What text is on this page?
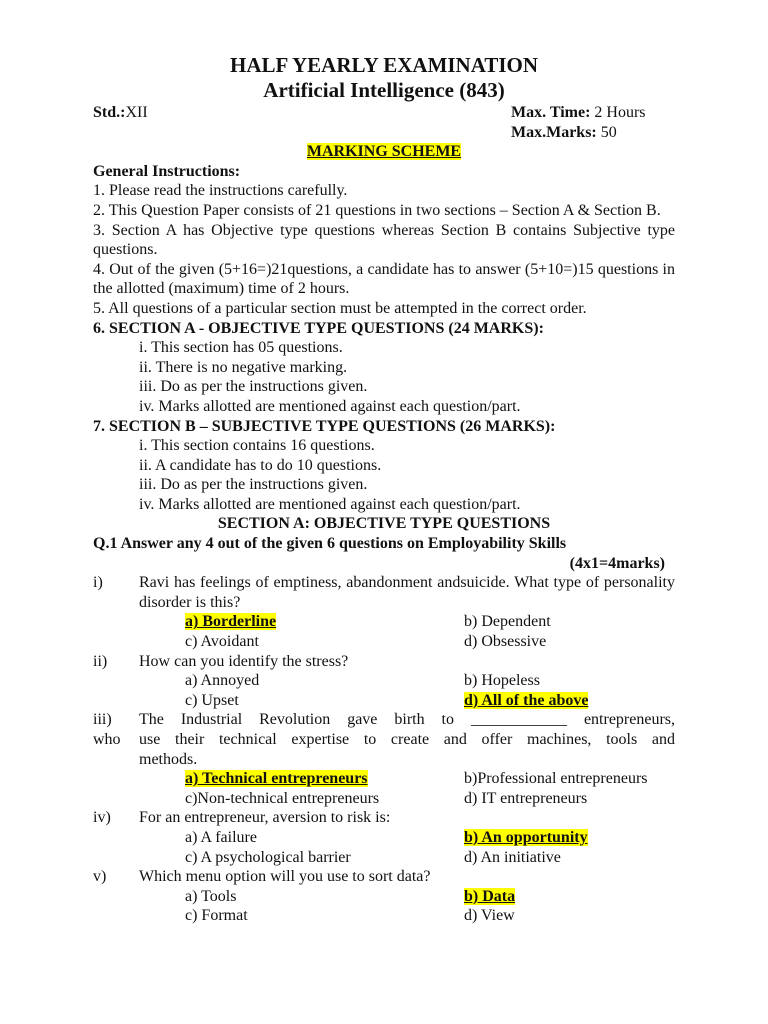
HALF YEARLY EXAMINATION
Artificial Intelligence (843)
Std.:XII	Max. Time: 2 Hours
Max.Marks: 50
MARKING SCHEME
General Instructions:
1. Please read the instructions carefully.
2. This Question Paper consists of 21 questions in two sections – Section A & Section B.
3. Section A has Objective type questions whereas Section B contains Subjective type questions.
4. Out of the given (5+16=)21questions, a candidate has to answer (5+10=)15 questions in the allotted (maximum) time of 2 hours.
5. All questions of a particular section must be attempted in the correct order.
6. SECTION A - OBJECTIVE TYPE QUESTIONS (24 MARKS):
i. This section has 05 questions.
ii. There is no negative marking.
iii. Do as per the instructions given.
iv. Marks allotted are mentioned against each question/part.
7. SECTION B – SUBJECTIVE TYPE QUESTIONS (26 MARKS):
i. This section contains 16 questions.
ii. A candidate has to do 10 questions.
iii. Do as per the instructions given.
iv. Marks allotted are mentioned against each question/part.
SECTION A: OBJECTIVE TYPE QUESTIONS
Q.1 Answer any 4 out of the given 6 questions on Employability Skills
(4x1=4marks)
i)	Ravi has feelings of emptiness, abandonment andsuicide. What type of personality disorder is this?
a) Borderline	b) Dependent
c) Avoidant	d) Obsessive
ii)	How can you identify the stress?
a) Annoyed	b) Hopeless
c) Upset	d) All of the above
iii)	The Industrial Revolution gave birth to ____________ entrepreneurs,
who	use their technical expertise to create and offer machines, tools and
methods.
a) Technical entrepreneurs	b)Professional entrepreneurs
c)Non-technical entrepreneurs	d) IT entrepreneurs
iv)	For an entrepreneur, aversion to risk is:
a) A failure	b) An opportunity
c) A psychological barrier	d) An initiative
v)	Which menu option will you use to sort data?
a) Tools	b) Data
c) Format	d) View
